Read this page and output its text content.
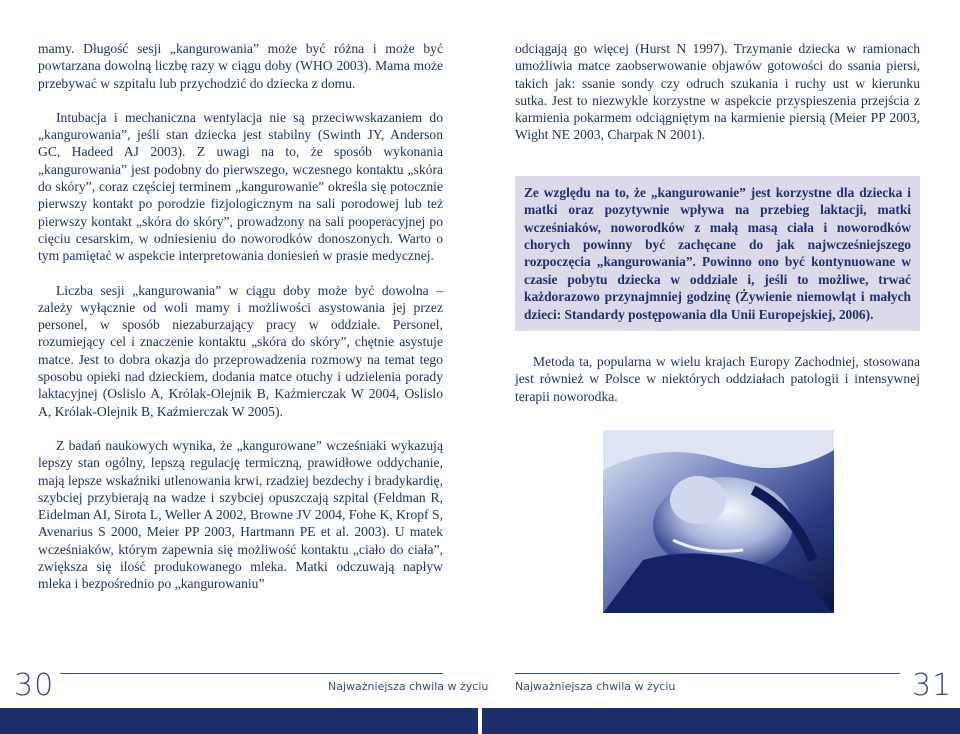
mamy. Długość sesji „kangurowania” może być różna i może być powtarzana dowolną liczbę razy w ciągu doby (WHO 2003). Mama może przebywać w szpitalu lub przychodzić do dziecka z domu.

Intubacja i mechaniczna wentylacja nie są przeciwwskazaniem do „kangurowania”, jeśli stan dziecka jest stabilny (Swinth JY, Anderson GC, Hadeed AJ 2003). Z uwagi na to, że sposób wykonania „kangurowania” jest podobny do pierwszego, wczesnego kontaktu „skóra do skóry”, coraz częściej terminem „kangurowanie” określa się potocznie pierwszy kontakt po porodzie fizjologicznym na sali porodowej lub też pierwszy kontakt „skóra do skóry”, prowadzony na sali pooperacyjnej po cięciu cesarskim, w odniesieniu do noworodków donoszonych. Warto o tym pamiętać w aspekcie interpretowania doniesień w prasie medycznej.

Liczba sesji „kangurowania” w ciągu doby może być dowolna – zależy wyłącznie od woli mamy i możliwości asystowania jej przez personel, w sposób niezaburzający pracy w oddziale. Personel, rozumiejący cel i znaczenie kontaktu „skóra do skóry”, chętnie asystuje matce. Jest to dobra okazja do przeprowadzenia rozmowy na temat tego sposobu opieki nad dzieckiem, dodania matce otuchy i udzielenia porady laktacyjnej (Oslislo A, Królak-Olejnik B, Kaźmierczak W 2004, Oslislo A, Królak-Olejnik B, Kaźmierczak W 2005).

Z badań naukowych wynika, że „kangurowane” wcześniaki wykazują lepszy stan ogólny, lepszą regulację termiczną, prawidłowe oddychanie, mają lepsze wskaźniki utlenowania krwi, rzadziej bezdechy i bradykardię, szybciej przybierają na wadze i szybciej opuszczają szpital (Feldman R, Eidelman AI, Sirota L, Weller A 2002, Browne JV 2004, Fohe K, Kropf S, Avenarius S 2000, Meier PP 2003, Hartmann PE et al. 2003). U matek wcześniaków, którym zapewnia się możliwość kontaktu „ciało do ciała”, zwiększa się ilość produkowanego mleka. Matki odczuwają napływ mleka i bezpośrednio po „kangurowaniu”

odciągają go więcej (Hurst N 1997). Trzymanie dziecka w ramionach umożliwia matce zaobserwowanie objawów gotowości do ssania piersi, takich jak: ssanie sondy czy odruch szukania i ruchy ust w kierunku sutka. Jest to niezwykle korzystne w aspekcie przyspieszenia przejścia z karmienia pokarmem odciągniętym na karmienie piersią (Meier PP 2003, Wight NE 2003, Charpak N 2001).

Ze względu na to, że „kangurowanie” jest korzystne dla dziecka i matki oraz pozytywnie wpływa na przebieg laktacji, matki wcześniaków, noworodków z małą masą ciała i noworodków chorych powinny być zachęcane do jak najwcześniejszego rozpoczęcia „kangurowania”. Powinno ono być kontynuowane w czasie pobytu dziecka w oddziale i, jeśli to możliwe, trwać każdorazowo przynajmniej godzinę (Żywienie niemowląt i małych dzieci: Standardy postępowania dla Unii Europejskiej, 2006).

Metoda ta, popularna w wielu krajach Europy Zachodniej, stosowana jest również w Polsce w niektórych oddziałach patologii i intensywnej terapii noworodka.

30	Najważniejsza chwila w życiu Najważniejsza chwila w życiu	31
